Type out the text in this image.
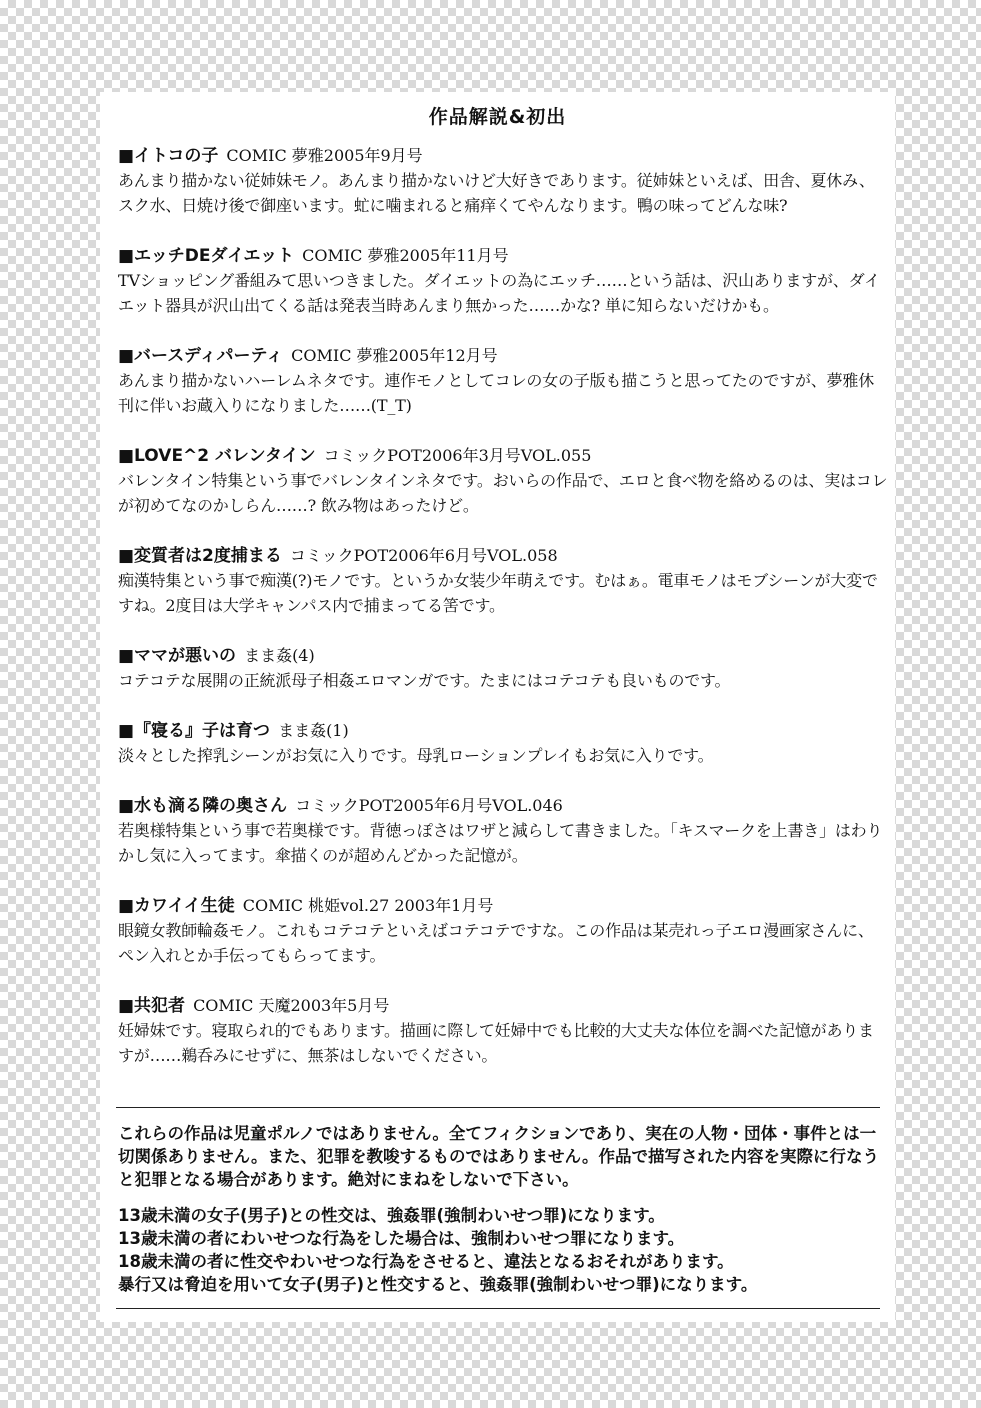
作品解説&初出
■イトコの子 COMIC 夢雅2005年9月号
あんまり描かない従姉妹モノ。あんまり描かないけど大好きであります。従姉妹といえば、田舎、夏休み、スク水、日焼け後で御座います。虻に噛まれると痛痒くてやんなります。鴨の味ってどんな味?
■エッチDEダイエット COMIC 夢雅2005年11月号
TVショッピング番組みて思いつきました。ダイエットの為にエッチ……という話は、沢山ありますが、ダイエット器具が沢山出てくる話は発表当時あんまり無かった……かな? 単に知らないだけかも。
■バースディパーティ COMIC 夢雅2005年12月号
あんまり描かないハーレムネタです。連作モノとしてコレの女の子版も描こうと思ってたのですが、夢雅休刊に伴いお蔵入りになりました……(T_T)
■LOVE^2 バレンタイン コミックPOT2006年3月号VOL.055
バレンタイン特集という事でバレンタインネタです。おいらの作品で、エロと食べ物を絡めるのは、実はコレが初めてなのかしらん……? 飲み物はあったけど。
■変質者は2度捕まる コミックPOT2006年6月号VOL.058
痴漢特集という事で痴漢(?)モノです。というか女装少年萌えです。むはぁ。電車モノはモブシーンが大変ですね。2度目は大学キャンパス内で捕まってる筈です。
■ママが悪いの まま姦(4)
コテコテな展開の正統派母子相姦エロマンガです。たまにはコテコテも良いものです。
■『寝る』子は育つ まま姦(1)
淡々とした搾乳シーンがお気に入りです。母乳ローションプレイもお気に入りです。
■水も滴る隣の奥さん コミックPOT2005年6月号VOL.046
若奥様特集という事で若奥様です。背徳っぽさはワザと減らして書きました。「キスマークを上書き」はわりかし気に入ってます。傘描くのが超めんどかった記憶が。
■カワイイ生徒 COMIC 桃姫vol.27 2003年1月号
眼鏡女教師輪姦モノ。これもコテコテといえばコテコテですな。この作品は某売れっ子エロ漫画家さんに、ペン入れとか手伝ってもらってます。
■共犯者 COMIC 天魔2003年5月号
妊婦妹です。寝取られ的でもあります。描画に際して妊婦中でも比較的大丈夫な体位を調べた記憶がありますが……鵜呑みにせずに、無茶はしないでください。
これらの作品は児童ポルノではありません。全てフィクションであり、実在の人物・団体・事件とは一切関係ありません。また、犯罪を教唆するものではありません。作品で描写された内容を実際に行なうと犯罪となる場合があります。絶対にまねをしないで下さい。
13歳未満の女子(男子)との性交は、強姦罪(強制わいせつ罪)になります。
13歳未満の者にわいせつな行為をした場合は、強制わいせつ罪になります。
18歳未満の者に性交やわいせつな行為をさせると、違法となるおそれがあります。
暴行又は脅迫を用いて女子(男子)と性交すると、強姦罪(強制わいせつ罪)になります。
